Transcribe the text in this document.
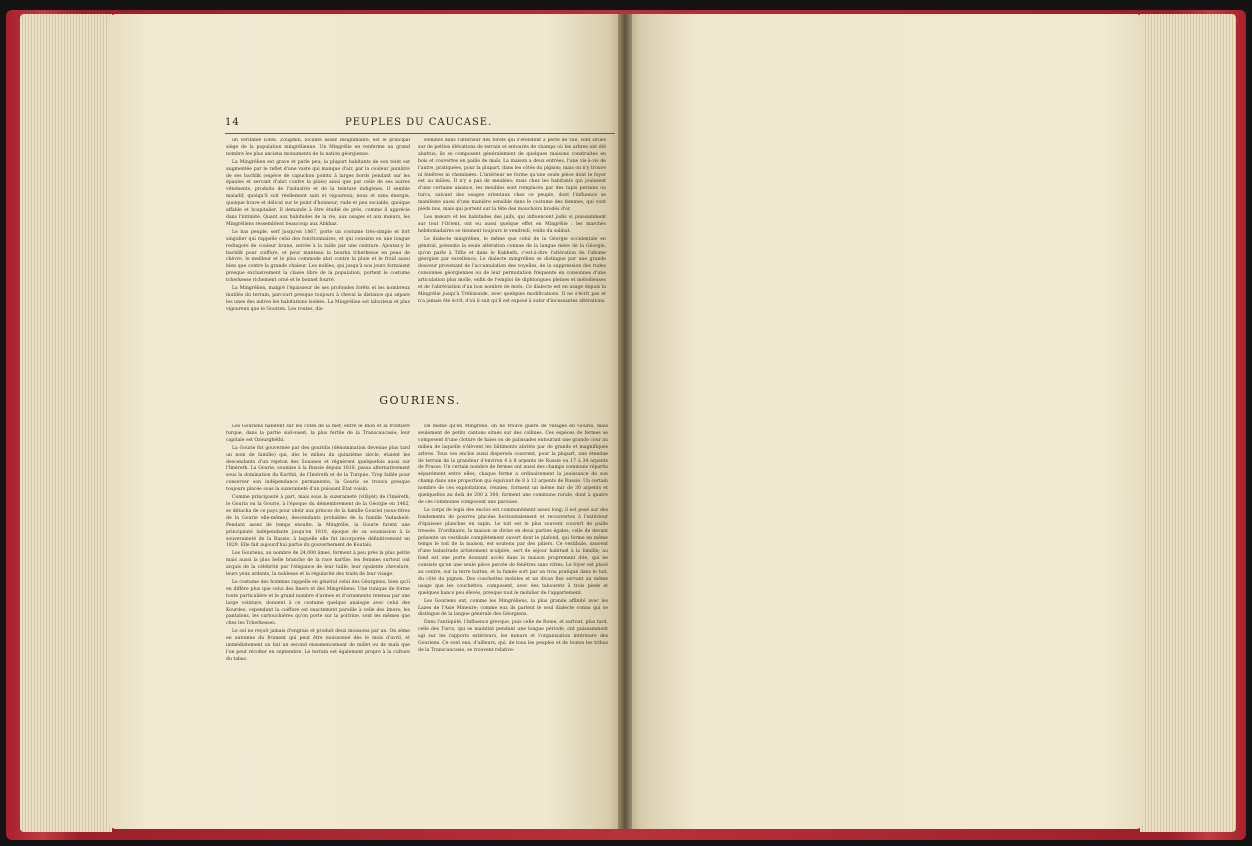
14	PEUPLES DU CAUCASE.

un véritable Éden. Zougdidi, localité assez insignifiante, est le principal siège de la population mingrélienne. Un Mingrélie en renferme un grand nombre les plus anciens monuments de la nation géorgienne.

La Mingrélien est grave et parle peu; la plupart habitants de son teint est augmentée par le reflet d'une vaste qui manque d'air, par la couleur jaunâtre de ses bachlik (espèce de capuchon pointu à larges bords pendant sur les épaules et servant d'abri contre la pluie) ainsi que par celle de ses autres vêtements, produits de l'industrie et de la teinture indigènes. Il semble maladif, quoiqu'il soit réellement sain et vigoureux; nous et sans énergie, quoique brave et délicat sur le point d'honneur; rude et peu sociable, quoique affable et hospitalier. Il demande à être étudié de près, comme il apprécie dans l'intimité. Quant aux habitudes de la vie, aux usages et aux mœurs, les Mingréliens ressemblent beaucoup aux Abkhaz.

Le bas peuple, serf jusqu'en 1867, porte un costume très-simple et fort singulier qui rappelle celui des fonctionnaires, et qui consiste en une longue redingote de couleur brune, serrée à la taille par une ceinture. Ajoutez-y le bachlik pour coiffure, et pour manteau la bourka tcherkesse en peau de chèvre, le meilleur et le plus commode abri contre la pluie et le froid aussi bien que contre la grande chaleur. Les nobles, qui jusqu'à nos jours formaient presque exclusivement la classe libre de la population, portent le costume tcherkesse richement orné et le bonnet fourré.

La Mingrélien, malgré l'épaisseur de ses profondes forêts et les nombreux mutilés du terrain, parcourt presque toujours à cheval la distance qui sépare les unes des autres les habitations isolées. La Mingrélien est laborieux et plus vigoureux que le Gourien. Les routes, dis-

séminés dans l'intérieur des forêts qui s'étendent à perte de vue, sont situés sur de petites élévations de terrain et entourés de champs où les arbres ont été abattus; ils se composent généralement de quelques maisons construites en bois et couvertes en paille de maïs. La maison a deux entrées, l'une vis-à-vis de l'autre, pratiquées, pour la plupart, dans les côtés du pignon; mais on n'y trouve ni fenêtres ni cheminées. L'intérieur ne forme qu'une seule pièce dont le foyer est au milieu. Il n'y a pas de meubles; mais chez les habitants qui jouissent d'une certaine aisance, les meubles sont remplacés par des tapis persans ou turcs, suivant des usages orientaux chez ce peuple, dont l'influence se manifeste aussi d'une manière sensible dans le costume des femmes, qui vont pieds nus, mais qui portent sur la tête des mouchoirs brodés d'or.

Les mœurs et les habitudes des juifs, qui influencent jadis si puissamment sur tout l'Orient, ont eu aussi quelque effet en Mingrélie : les marchés hebdomadaires se tiennent toujours le vendredi, veille du sabbat.

Le dialecte mingrélien, le même que celui de la Géorgie occidentale en général, présente la seule altération connue de la langue mère de la Géorgie, qu'on parle à Tiflis et dans le Kakheth, c'est-à-dire l'altération de l'idiome géorgien par excellence. Le dialecte mingrélien se distingue par une grande douceur provenant de l'accumulation des voyelles, de la suppression des rudes consonnes géorgiennes ou de leur permutation fréquente en consonnes d'une articulation plus molle, enfin de l'emploi de diphtongues pleines et mélodieuses et de l'abréviation d'un bon nombre de mots. Ce dialecte est en usage depuis la Mingrélie jusqu'à Trébizonde, avec quelques modifications. Il ne s'écrit pas et n'a jamais été écrit, d'où il suit qu'il est exposé à subir d'incessantes altérations.

GOURIENS.

Les Gouriens habitent sur les côtes de la mer, entre le Rion et la frontière turque, dans la partie sud-ouest, la plus fertile de la Transcaucasie; leur capitale est Ozourghéthi.

La Gourie fut gouvernée par des gouridis (dénomination devenue plus tard un nom de famille) qui, dès le milieu du quinzième siècle, étaient les descendants d'un rejeton des Souanes et régnèrent quelquefois aussi sur l'Iméreth. La Gourie, soumise à la Russie depuis 1810, passa alternativement sous la domination du Karthli, de l'Iméreth et de la Turquie. Trop faible pour conserver son indépendance permanente, la Gourie se trouva presque toujours placée sous la suzeraineté d'un puissant État voisin.

Comme principauté à part, mais sous la suzeraineté (vilâyèt) de l'Iméreth, le Gouria ou la Gourie, à l'époque du démembrement de la Géorgie en 1462, se détacha de ce pays pour obéir aux princes de la famille Gouriel (sous-titres de la Gourie elle-même), descendants probables de la famille Vadashelé. Pendant assez de temps ensuite, la Mingrélie, la Gourie furent une principauté indépendante jusqu'en 1810, époque de sa soumission à la souveraineté de la Russie, à laquelle elle fut incorporée définitivement en 1829. Elle fait aujourd'hui partie du gouvernement de Koutaïs.

Les Gouriens, au nombre de 24,000 âmes, forment à peu près la plus petite mais aussi la plus belle branche de la race kartlie; les femmes surtout ont acquis de la célébrité par l'élégance de leur taille, leur opulente chevelure, leurs yeux ardents, la noblesse et la régularité des traits de leur visage.

Le costume des hommes rappelle en général celui des Géorgiens, bien qu'il en diffère plus que celui des Imers et des Mingréliens. Une tunique de forme toute particulière et le grand nombre d'armes et d'ornements retenus par une large ceinture, donnent à ce costume quelque analogie avec celui des Kourdes; cependant la coiffure est exactement pareille à celle des Imers; les pantalons, les cartouchières qu'on porte sur la poitrine, sont les mêmes que chez les Tcherkesses.

Le sol ne reçoit jamais d'engrais et produit deux moissons par an. On sème en automne du froment qui peut être moissonné dès le mois d'avril, et immédiatement on fait un second ensemencement de millet ou de maïs que l'on peut récolter en septembre. Le terrain est également propre à la culture du tabac.

De même qu'en Mingrélie, on ne trouve guère de villages en Gourie, mais seulement de petits cantons situés sur des collines. Ces espèces de fermes se composent d'une cloture de haies ou de palissades entourant une grande cour au milieu de laquelle s'élèvent les bâtiments abrités par de grands et magnifiques arbres. Tous ces enclos aussi dispersés couvrent, pour la plupart, une étendue de terrain de la grandeur d'environ 4 à 8 arpents de Russie ou 17 à 34 arpents de Prusse. Un certain nombre de fermes ont aussi des champs communs répartis séparément entre elles; chaque ferme a ordinairement la jouissance de son champ dans une proportion qui équivaut de 8 à 12 arpents de Russie. Un certain nombre de ces exploitations, réunies, forment un même mir de 30 arpents et quelquefois au delà de 200 à 300, forment une commune rurale, dont à quatre de ces communes composent une paroisse.

Le corps de logis des enclos est communément assez long; il est posé sur des fondements de pourres placées horizontalement et recouvertes à l'extérieur d'épaisses planches en sapin. Le toit est le plus souvent couvert de paille tressée. D'ordinaire, la maison se divise en deux parties égales; celle de devant présente un vestibule complètement ouvert dont le plafond, qui forme en même temps le toit de la maison, est soutenu par des piliers. Ce vestibule, sauvent d'une balustrade artistement sculptée, sert de séjour habituel à la famille; au fond est une porte donnant accès dans la maison proprement dite, qui ne consiste qu'en une seule pièce percée de fenêtres sans vitres. Le foyer est placé au centre, sur la terre battue, et la fumée sort par un trou pratiqué dans le toit, du côté du pignon. Des couchettes mobiles et un divan fixe servant au même usage que les couchettes, composent, avec des tabourets à trois pieds et quelques bancs peu élevés, presque tout le mobilier de l'appartement.

Les Gouriens ont, comme les Mingréliens, la plus grande affinité avec les Lazes de l'Asie Mineure; comme eux ils parlent le seul dialecte connu qui se distingue de la langue générale des Géorgiens.

Dans l'antiquité, l'influence grecque, puis celle de Rome, et surtout, plus tard, celle des Turcs, qui se maintint pendant une longue période, ont puissamment agi sur les rapports extérieurs, les mœurs et l'organisation intérieure des Gouriens. Ce sont eux, d'ailleurs, qui, de tous les peuples et de toutes les tribus de la Transcaucasie, se trouvent relative-
